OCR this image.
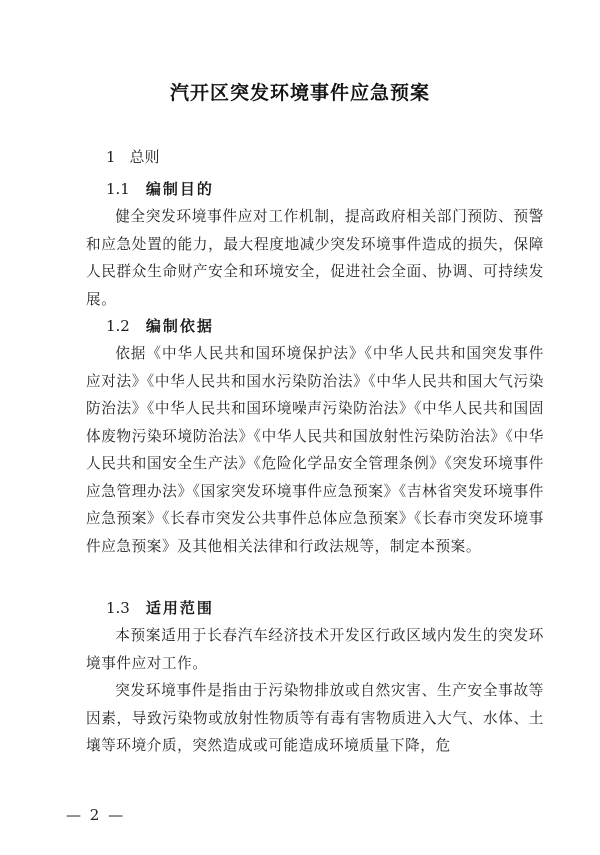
汽开区突发环境事件应急预案
1 总则
1.1 编制目的

健全突发环境事件应对工作机制，提高政府相关部门预防、预警和应急处置的能力，最大程度地减少突发环境事件造成的损失，保障人民群众生命财产安全和环境安全，促进社会全面、协调、可持续发展。

1.2 编制依据

依据《中华人民共和国环境保护法》《中华人民共和国突发事件应对法》《中华人民共和国水污染防治法》《中华人民共和国大气污染防治法》《中华人民共和国环境噪声污染防治法》《中华人民共和国固体废物污染环境防治法》《中华人民共和国放射性污染防治法》《中华人民共和国安全生产法》《危险化学品安全管理条例》《突发环境事件应急管理办法》《国家突发环境事件应急预案》《吉林省突发环境事件应急预案》《长春市突发公共事件总体应急预案》《长春市突发环境事件应急预案》及其他相关法律和行政法规等，制定本预案。

1.3 适用范围

本预案适用于长春汽车经济技术开发区行政区域内发生的突发环境事件应对工作。

突发环境事件是指由于污染物排放或自然灾害、生产安全事故等因素，导致污染物或放射性物质等有毒有害物质进入大气、水体、土壤等环境介质，突然造成或可能造成环境质量下降，危

— 2 —
